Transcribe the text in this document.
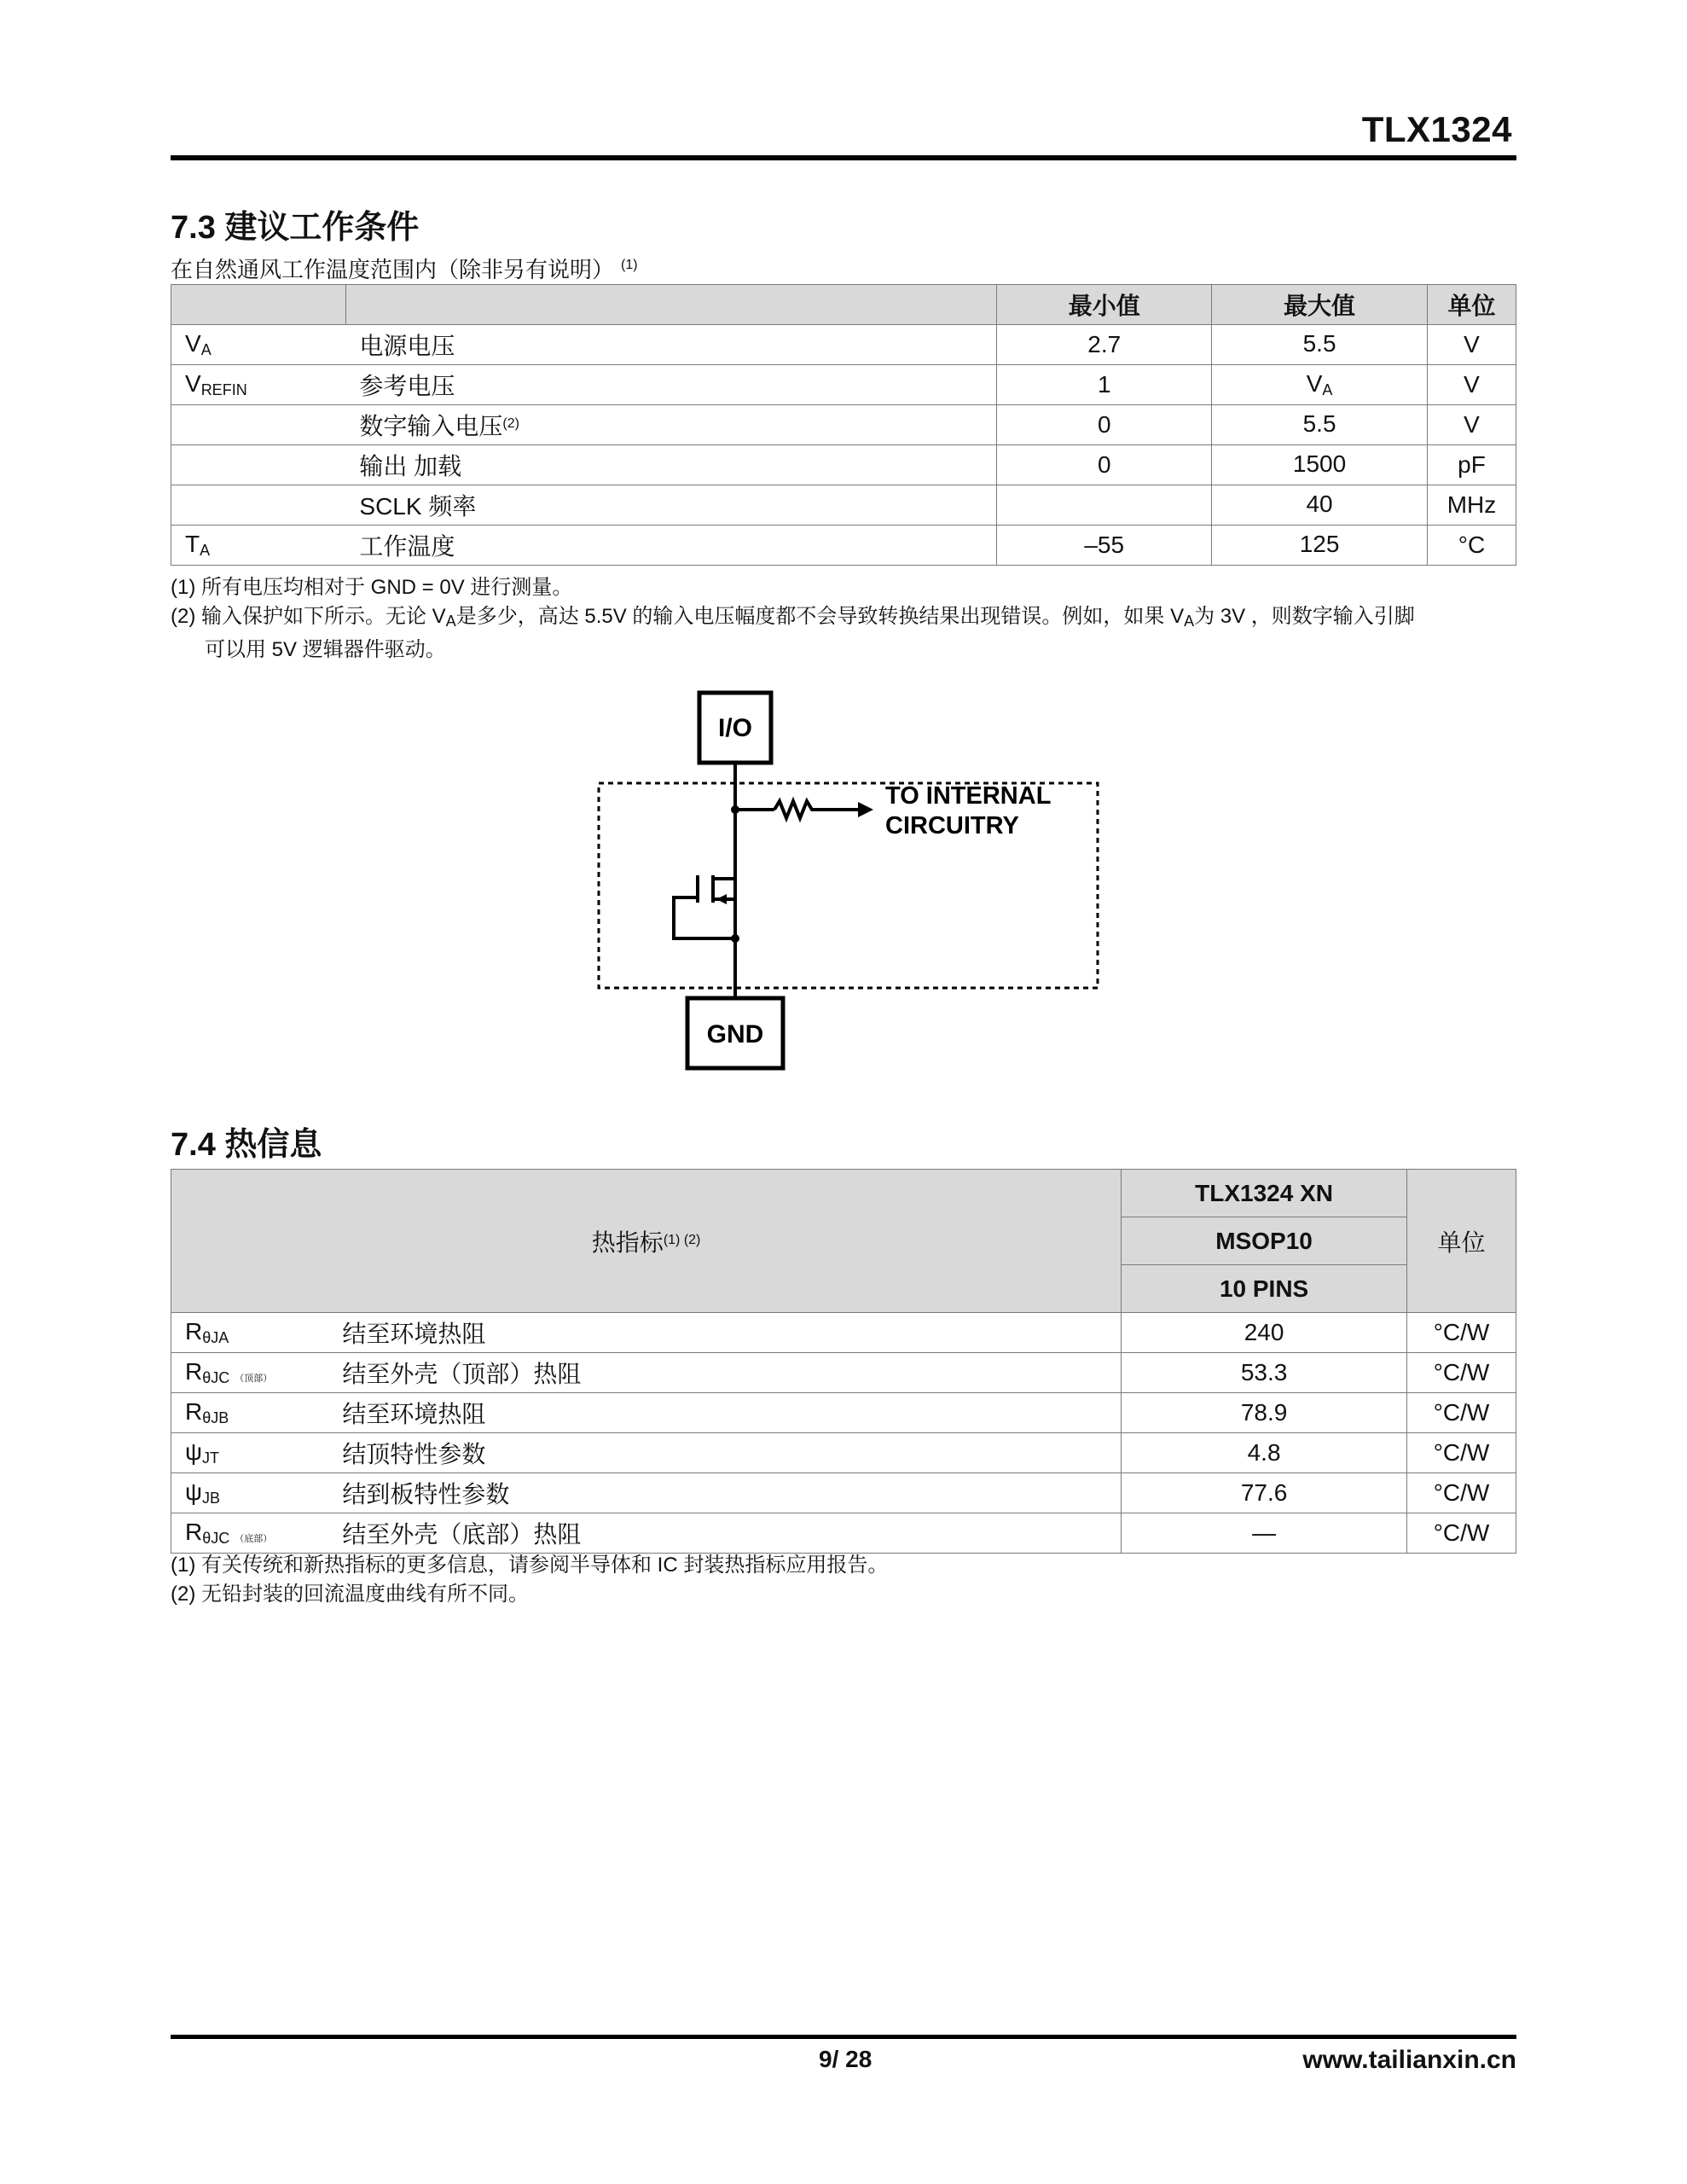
TLX1324
7.3 建议工作条件
在自然通风工作温度范围内（除非另有说明） $^{(1)}$
		最小值	最大值	单位
$V_A$	电源电压	2.7	5.5	V
$V_{REFIN}$	参考电压	1	$V_A$	V
	数字输入电压$^{(2)}$	0	5.5	V
	输出 加载	0	1500	pF
	SCLK 频率		40	MHz
$T_A$	工作温度	–55	125	°C
(1) 所有电压均相对于 GND = 0V 进行测量。
(2) 输入保护如下所示。无论 $V_A$是多少，高达 5.5V 的输入电压幅度都不会导致转换结果出现错误。例如，如果 $V_A$为 3V ，则数字输入引脚
可以用 5V 逻辑器件驱动。
I/O
TO INTERNAL
CIRCUITRY
GND
7.4 热信息
热指标$^{(1) (2)}$		TLX1324 XN	单位
		MSOP10	
		10 PINS	
$R_{\theta JA}$	结至环境热阻	240	°C/W
$R_{\theta JC}$ （顶部）	结至外壳（顶部）热阻	53.3	°C/W
$R_{\theta JB}$	结至环境热阻	78.9	°C/W
$\psi_{JT}$	结顶特性参数	4.8	°C/W
$\psi_{JB}$	结到板特性参数	77.6	°C/W
$R_{\theta JC}$ （底部）	结至外壳（底部）热阻	—	°C/W
(1) 有关传统和新热指标的更多信息，请参阅半导体和 IC 封装热指标应用报告。
(2) 无铅封装的回流温度曲线有所不同。
9/ 28	www.tailianxin.cn
